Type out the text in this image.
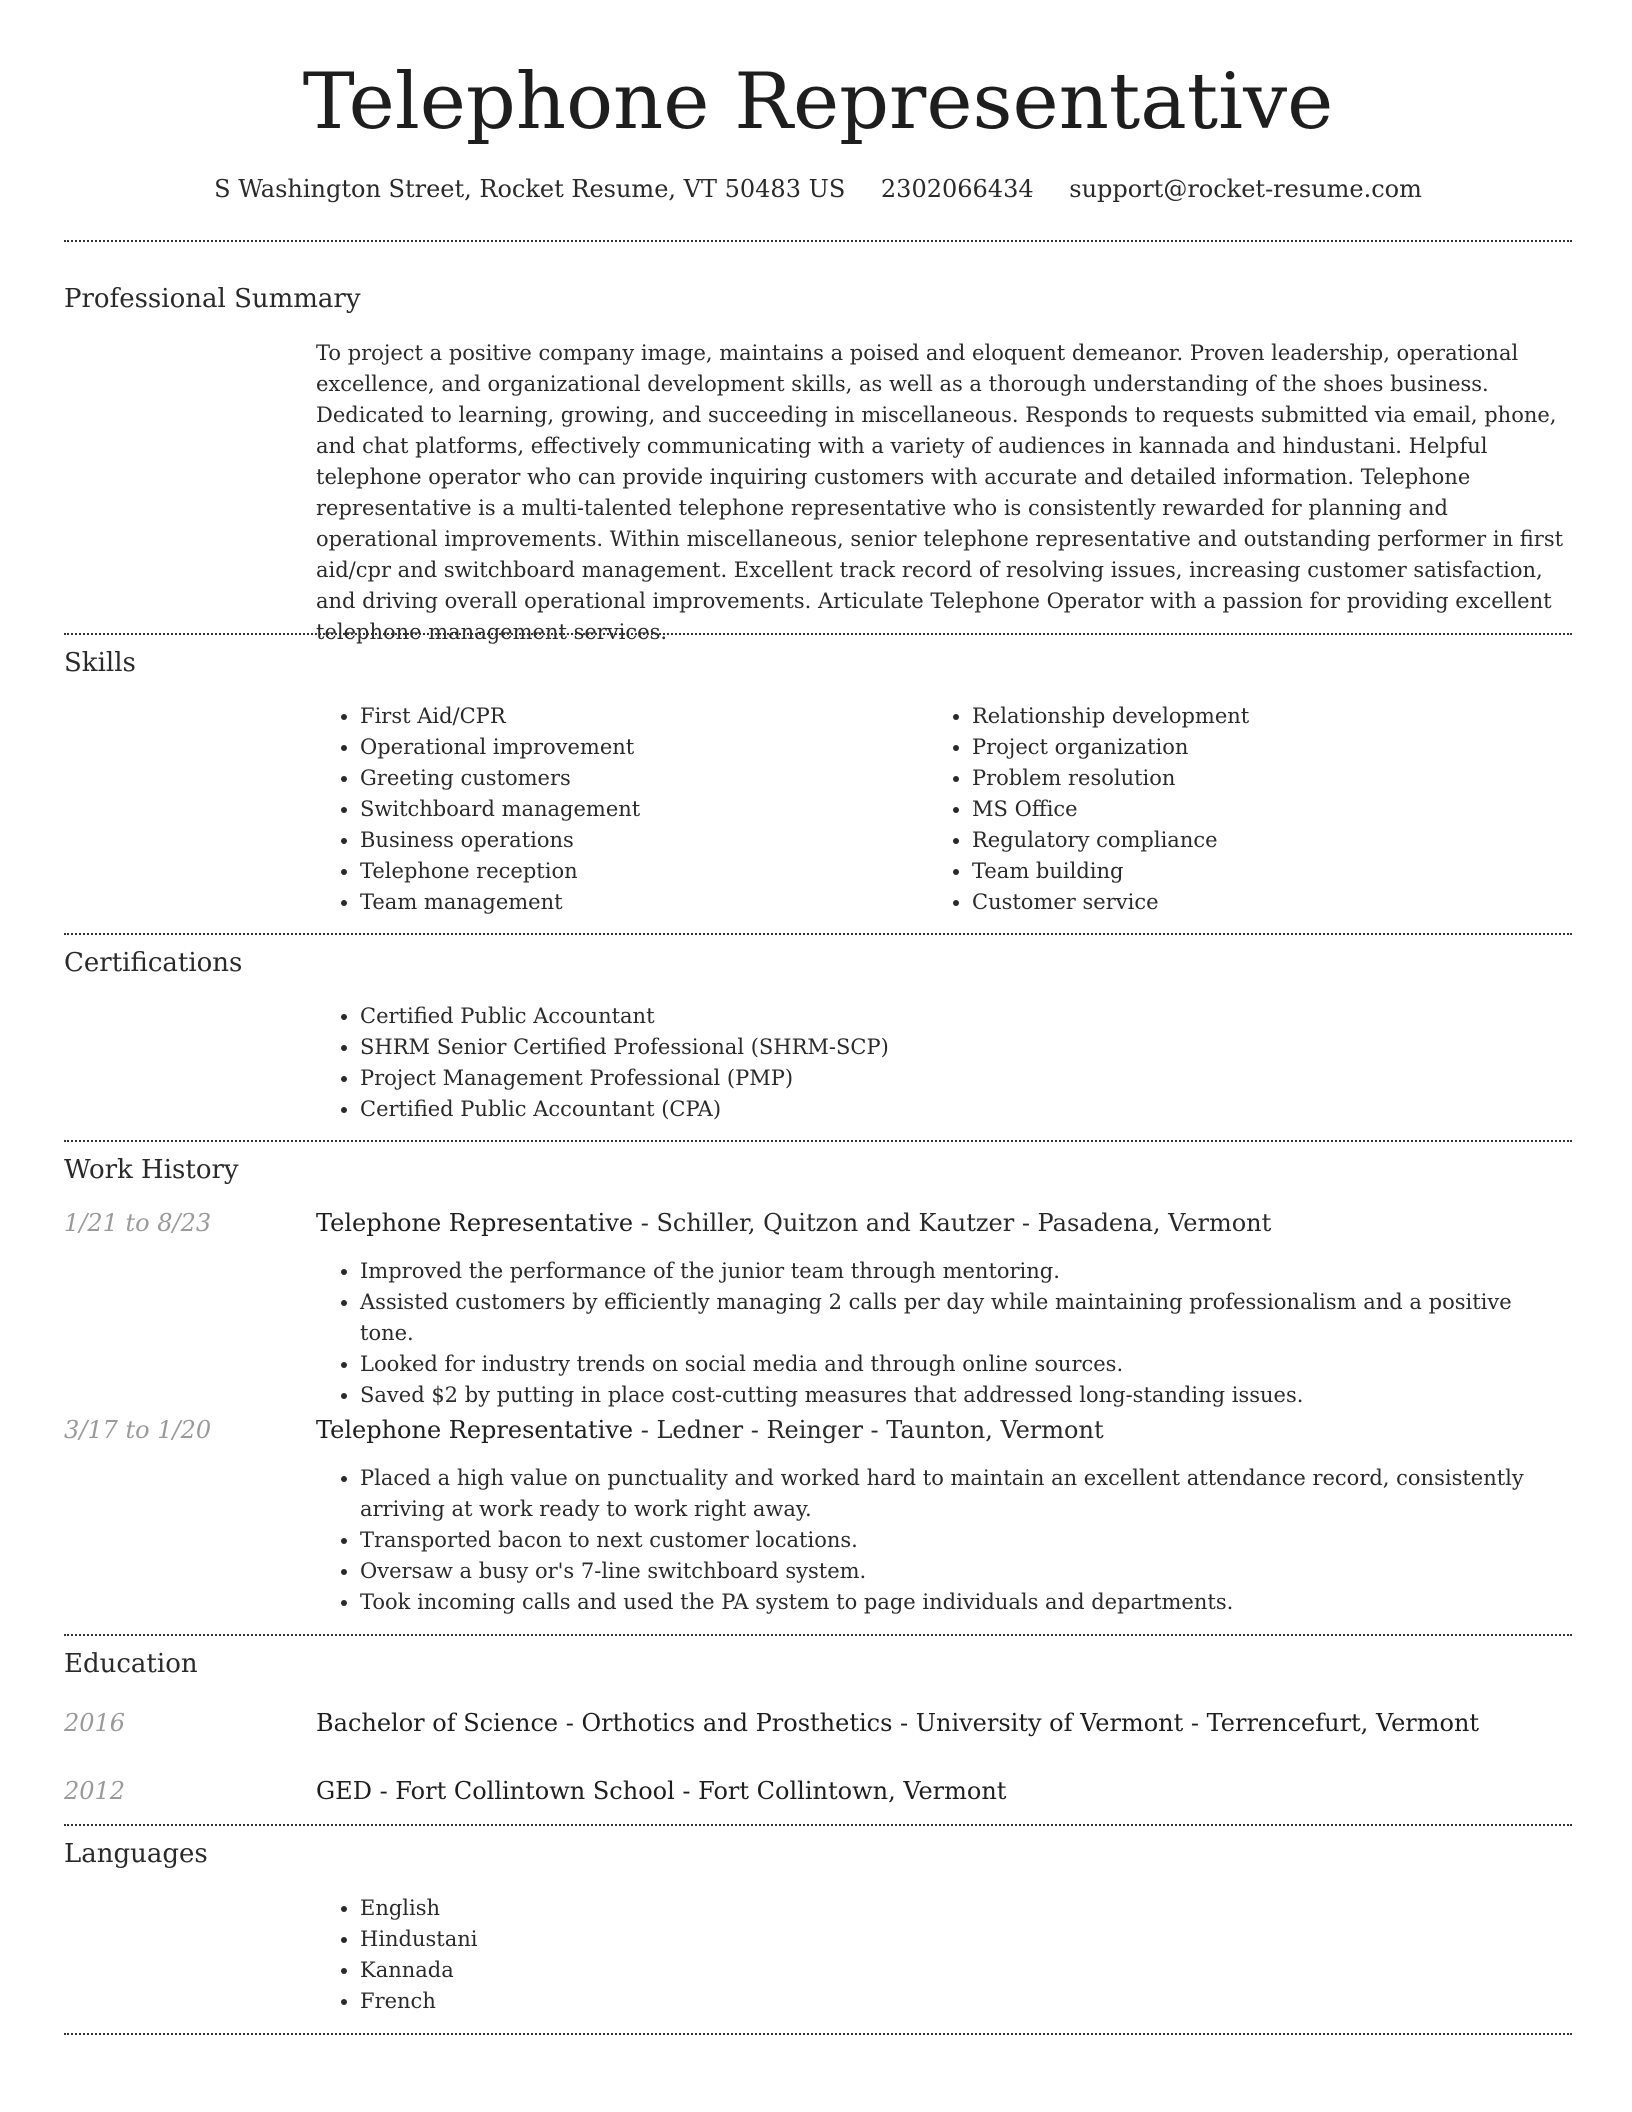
Telephone Representative
S Washington Street, Rocket Resume, VT 50483 US 2302066434 support@rocket-resume.com
Professional Summary

To project a positive company image, maintains a poised and eloquent demeanor. Proven leadership, operational excellence, and organizational development skills, as well as a thorough understanding of the shoes business. Dedicated to learning, growing, and succeeding in miscellaneous. Responds to requests submitted via email, phone, and chat platforms, effectively communicating with a variety of audiences in kannada and hindustani. Helpful telephone operator who can provide inquiring customers with accurate and detailed information. Telephone representative is a multi-talented telephone representative who is consistently rewarded for planning and operational improvements. Within miscellaneous, senior telephone representative and outstanding performer in first aid/cpr and switchboard management. Excellent track record of resolving issues, increasing customer satisfaction, and driving overall operational improvements. Articulate Telephone Operator with a passion for providing excellent telephone management services.

Skills
• First Aid/CPR
• Operational improvement
• Greeting customers
• Switchboard management
• Business operations
• Telephone reception
• Team management
• Relationship development
• Project organization
• Problem resolution
• MS Office
• Regulatory compliance
• Team building
• Customer service
Certifications
• Certified Public Accountant
• SHRM Senior Certified Professional (SHRM-SCP)
• Project Management Professional (PMP)
• Certified Public Accountant (CPA)
Work History
1/21 to 8/23	Telephone Representative - Schiller, Quitzon and Kautzer - Pasadena, Vermont
• Improved the performance of the junior team through mentoring.
• Assisted customers by efficiently managing 2 calls per day while maintaining professionalism and a positive tone.
• Looked for industry trends on social media and through online sources.
• Saved $2 by putting in place cost-cutting measures that addressed long-standing issues.
3/17 to 1/20	Telephone Representative - Ledner - Reinger - Taunton, Vermont
• Placed a high value on punctuality and worked hard to maintain an excellent attendance record, consistently arriving at work ready to work right away.
• Transported bacon to next customer locations.
• Oversaw a busy or's 7-line switchboard system.
• Took incoming calls and used the PA system to page individuals and departments.
Education
2016	Bachelor of Science - Orthotics and Prosthetics - University of Vermont - Terrencefurt, Vermont
2012	GED - Fort Collintown School - Fort Collintown, Vermont
Languages
• English
• Hindustani
• Kannada
• French
